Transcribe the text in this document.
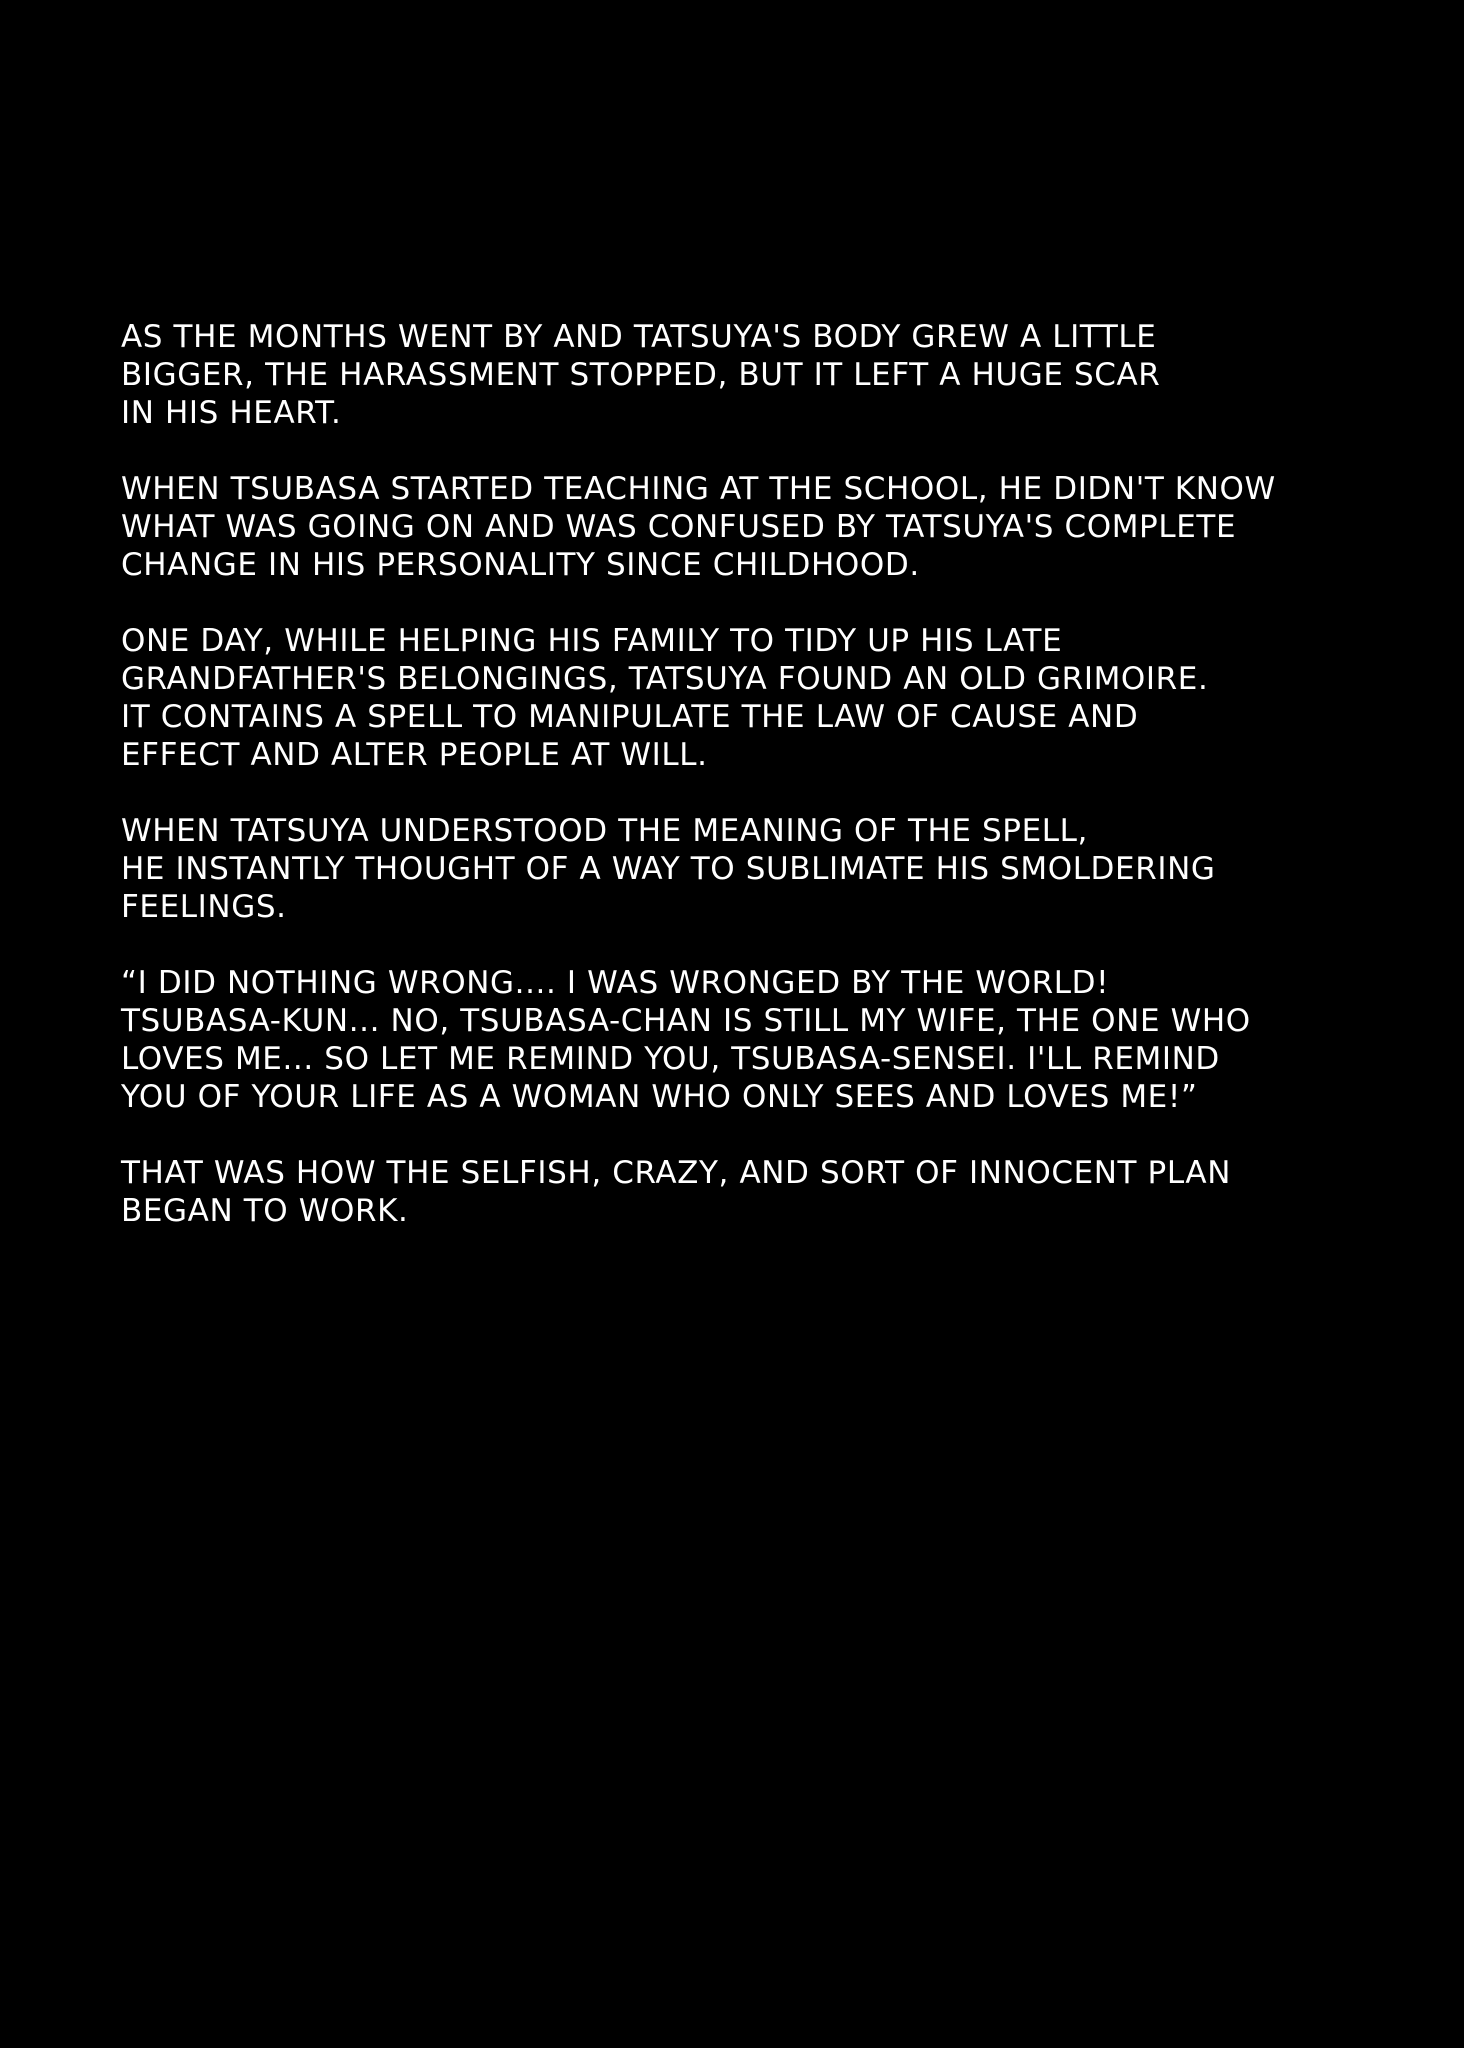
AS THE MONTHS WENT BY AND TATSUYA'S BODY GREW A LITTLE
BIGGER, THE HARASSMENT STOPPED, BUT IT LEFT A HUGE SCAR
IN HIS HEART.

WHEN TSUBASA STARTED TEACHING AT THE SCHOOL, HE DIDN'T KNOW
WHAT WAS GOING ON AND WAS CONFUSED BY TATSUYA'S COMPLETE
CHANGE IN HIS PERSONALITY SINCE CHILDHOOD.

ONE DAY, WHILE HELPING HIS FAMILY TO TIDY UP HIS LATE
GRANDFATHER'S BELONGINGS, TATSUYA FOUND AN OLD GRIMOIRE.
IT CONTAINS A SPELL TO MANIPULATE THE LAW OF CAUSE AND
EFFECT AND ALTER PEOPLE AT WILL.

WHEN TATSUYA UNDERSTOOD THE MEANING OF THE SPELL,
HE INSTANTLY THOUGHT OF A WAY TO SUBLIMATE HIS SMOLDERING
FEELINGS.

“I DID NOTHING WRONG.... I WAS WRONGED BY THE WORLD!
TSUBASA-KUN... NO, TSUBASA-CHAN IS STILL MY WIFE, THE ONE WHO
LOVES ME... SO LET ME REMIND YOU, TSUBASA-SENSEI. I'LL REMIND
YOU OF YOUR LIFE AS A WOMAN WHO ONLY SEES AND LOVES ME!”

THAT WAS HOW THE SELFISH, CRAZY, AND SORT OF INNOCENT PLAN
BEGAN TO WORK.
